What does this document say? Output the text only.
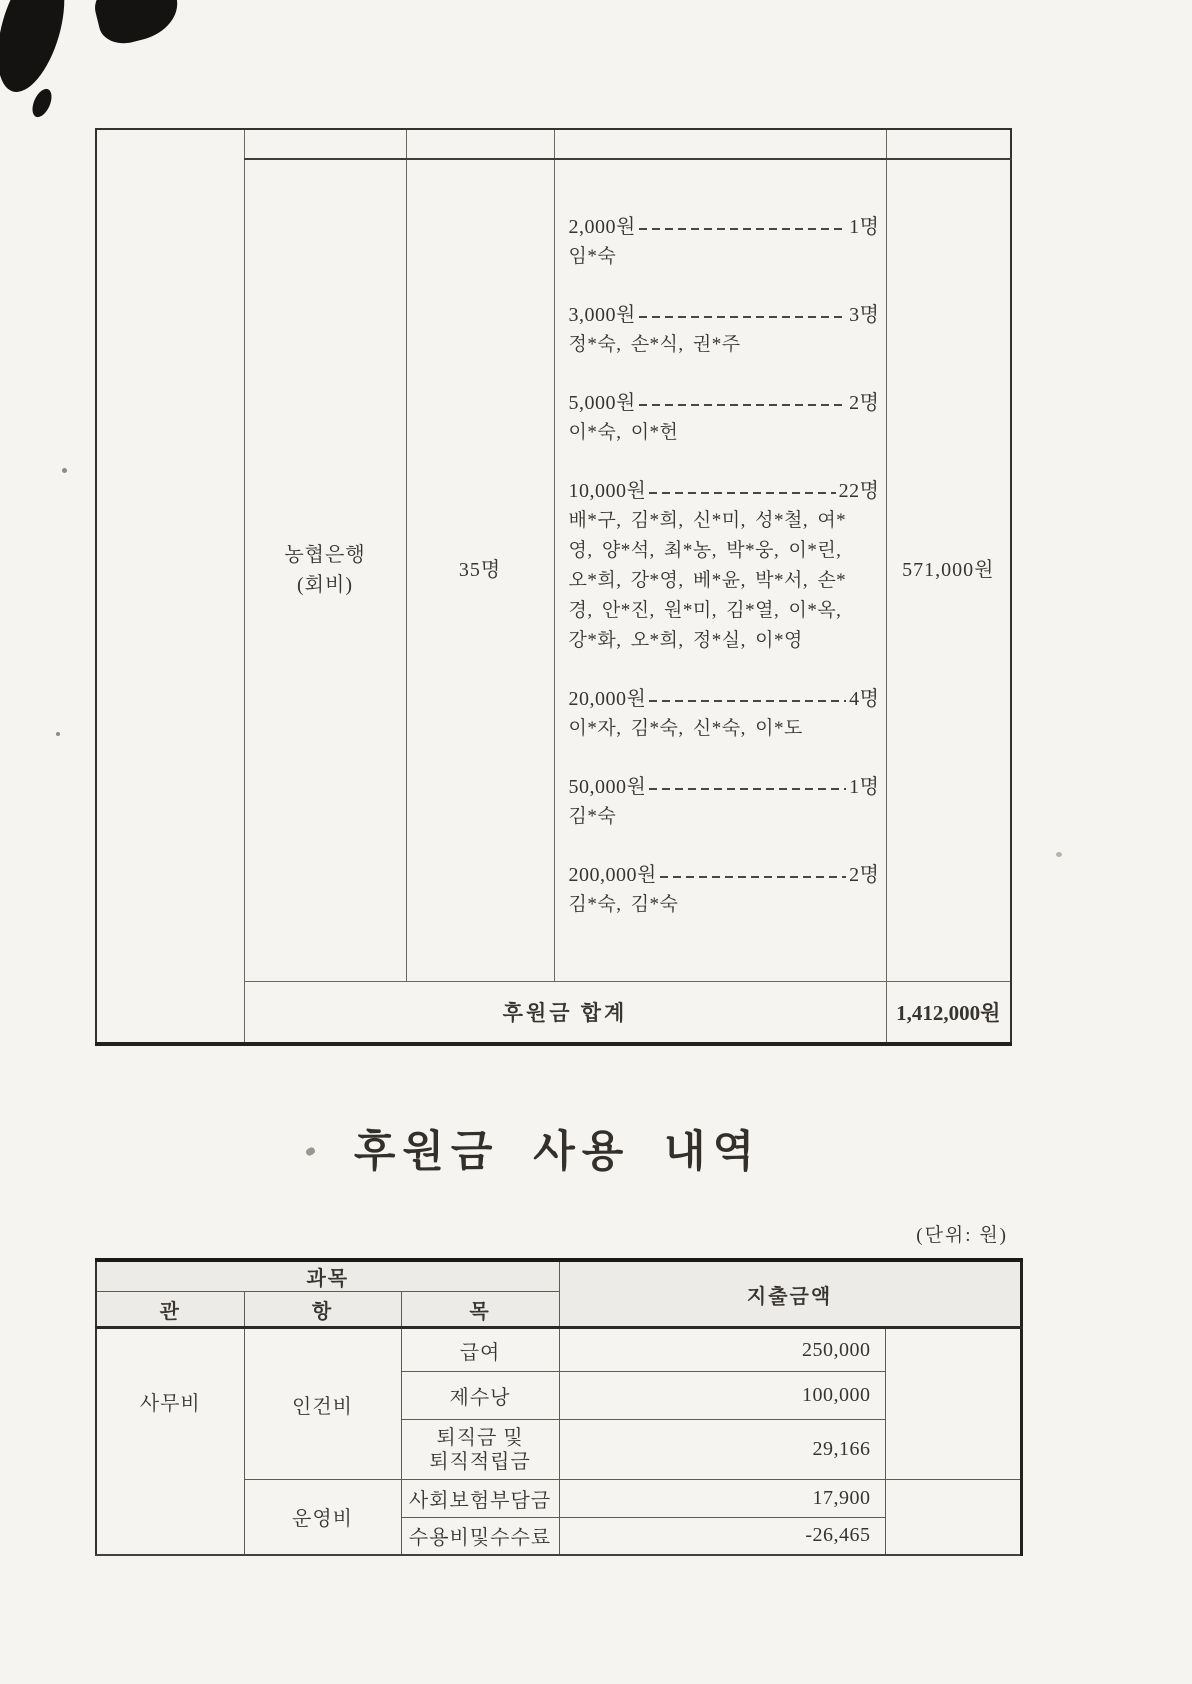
농협은행
(회비)
	35명	
2,000원	1명
임*숙
3,000원	3명
정*숙, 손*식, 권*주
5,000원	2명
이*숙, 이*헌
10,000원	22명
배*구, 김*희, 신*미, 성*철, 여*
영, 양*석, 최*농, 박*웅, 이*린,
오*희, 강*영, 베*윤, 박*서, 손*
경, 안*진, 원*미, 김*열, 이*옥,
강*화, 오*희, 정*실, 이*영
20,000원	4명
이*자, 김*숙, 신*숙, 이*도
50,000원	1명
김*숙
200,000원	2명
김*숙, 김*숙
	571,000원
	후원금 합계			1,412,000원
후원금 사용 내역
(단위: 원)
과목			지출금액	
관	항	목		
사무비	인건비	급여	250,000	
		제수낭	100,000	

		퇴직금 및
퇴직적립금	29,166	
	운영비	사회보험부담금	17,900	
		수용비및수수료	-26,465	
